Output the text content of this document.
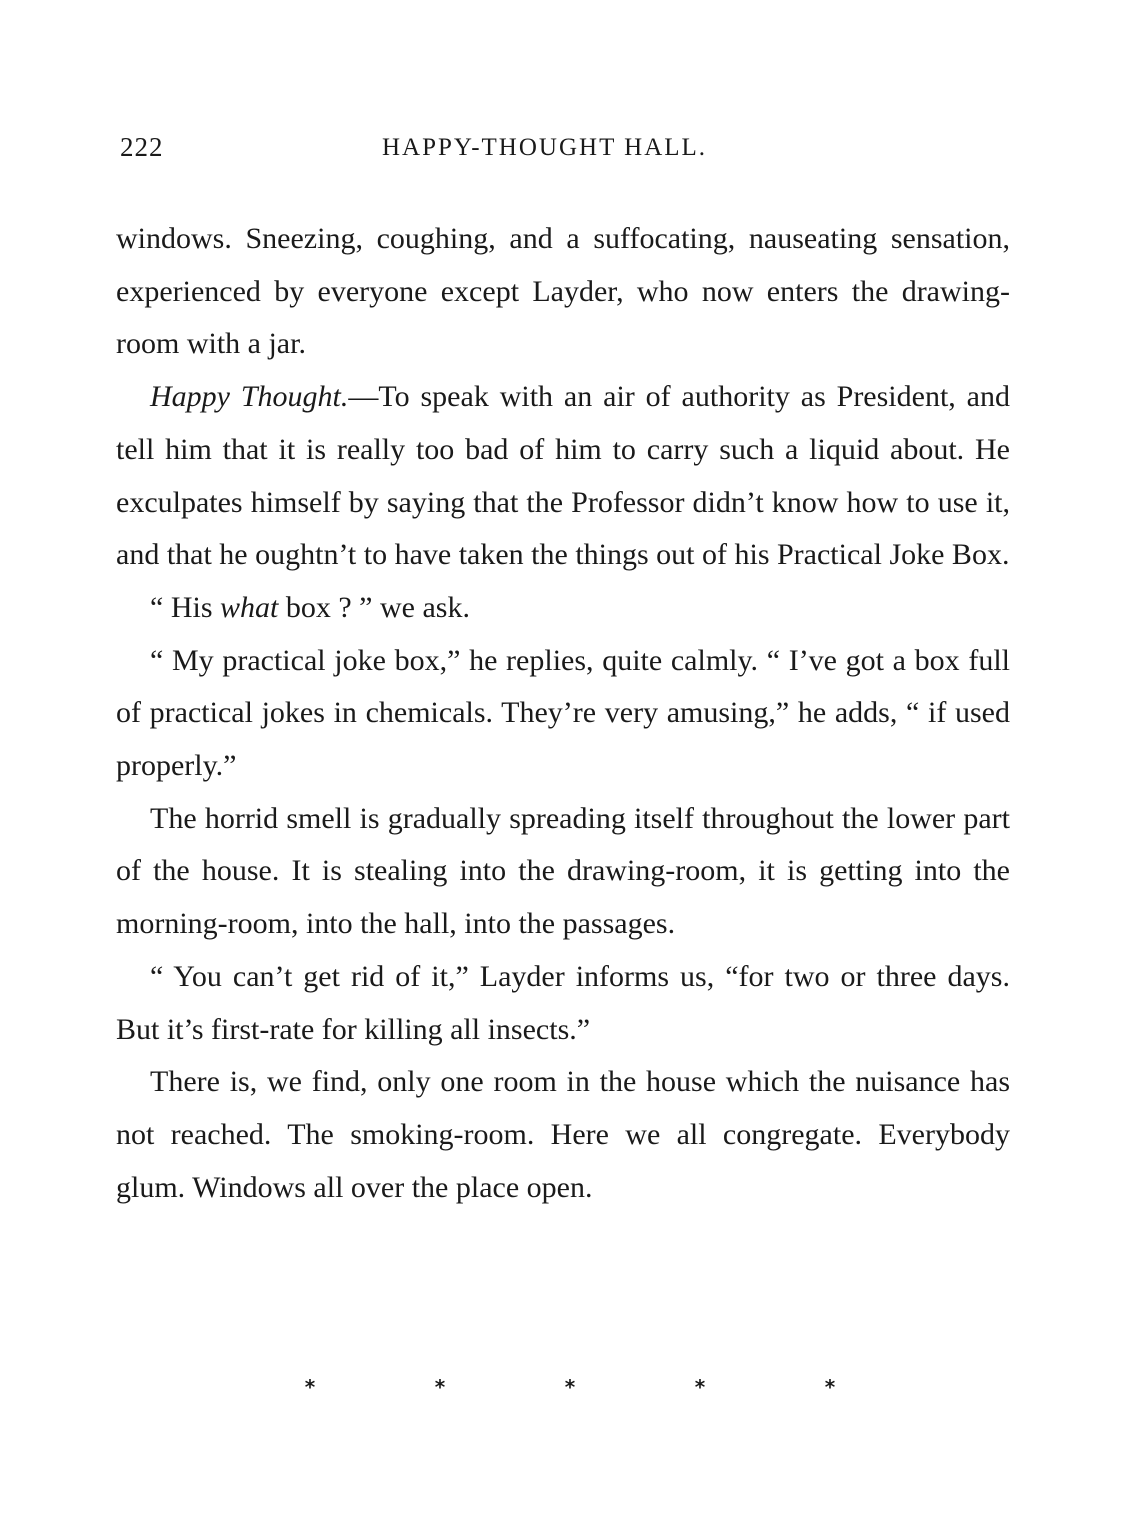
222	HAPPY-THOUGHT HALL.

windows. Sneezing, coughing, and a suffocating, nauseating sensation, experienced by everyone except Layder, who now enters the drawing-room with a jar.

Happy Thought.—To speak with an air of authority as President, and tell him that it is really too bad of him to carry such a liquid about. He exculpates himself by saying that the Professor didn’t know how to use it, and that he oughtn’t to have taken the things out of his Practical Joke Box.

“ His what box ? ” we ask.

“ My practical joke box,” he replies, quite calmly. “ I’ve got a box full of practical jokes in chemicals. They’re very amusing,” he adds, “ if used properly.”

The horrid smell is gradually spreading itself throughout the lower part of the house. It is stealing into the drawing-room, it is getting into the morning-room, into the hall, into the passages.

“ You can’t get rid of it,” Layder informs us, “for two or three days. But it’s first-rate for killing all insects.”

There is, we find, only one room in the house which the nuisance has not reached. The smoking-room. Here we all congregate. Everybody glum. Windows all over the place open.

*	*	*	*	*
